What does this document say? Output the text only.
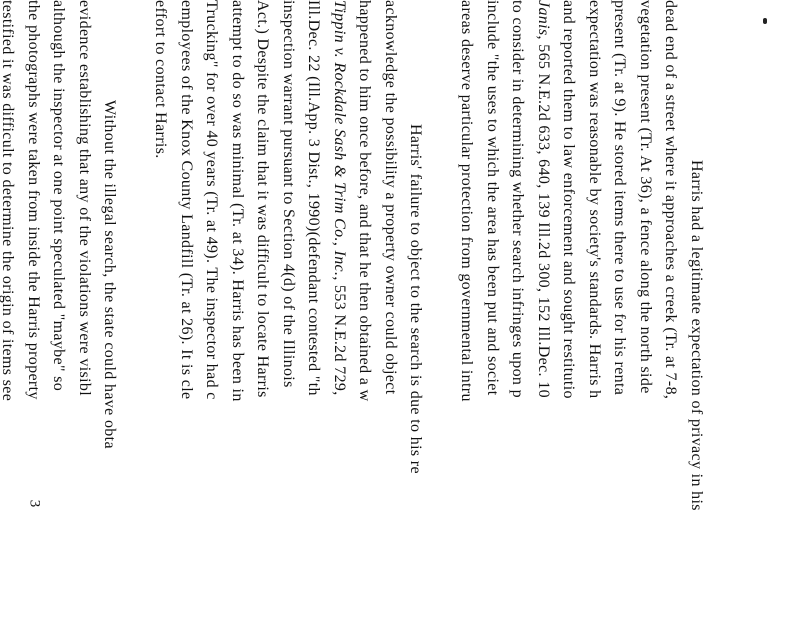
Harris had a legitimate expectation of privacy in his
dead end of a street where it approaches a creek (Tr. at 7-8,
vegetation present (Tr. At 36), a fence along the north side
present (Tr. at 9). He stored items there to use for his renta
expectation was reasonable by society's standards. Harris h
and reported them to law enforcement and sought restitutio
Janis, 565 N.E.2d 633, 640, 139 Ill.2d 300, 152 Ill.Dec. 10
to consider in determining whether search infringes upon p
include "the uses to which the area has been put and societ
areas deserve particular protection from governmental intru
Harris' failure to object to the search is due to his re
acknowledge the possibility a property owner could object
happened to him once before, and that he then obtained a w
Tippin v. Rockdale Sash & Trim Co., Inc., 553 N.E.2d 729,
Ill.Dec. 22 (Ill.App. 3 Dist., 1990)(defendant contested "th
inspection warrant pursuant to Section 4(d) of the Illinois
Act.) Despite the claim that it was difficult to locate Harris
attempt to do so was minimal (Tr. at 34). Harris has been in
Trucking" for over 40 years (Tr. at 49). The inspector had c
employees of the Knox County Landfill (Tr. at 26). It is cle
effort to contact Harris.
Without the illegal search, the state could have obta
evidence establishing that any of the violations were visibl
although the inspector at one point speculated "maybe" so
the photographs were taken from inside the Harris property
testified it was difficult to determine the origin of items see
3
